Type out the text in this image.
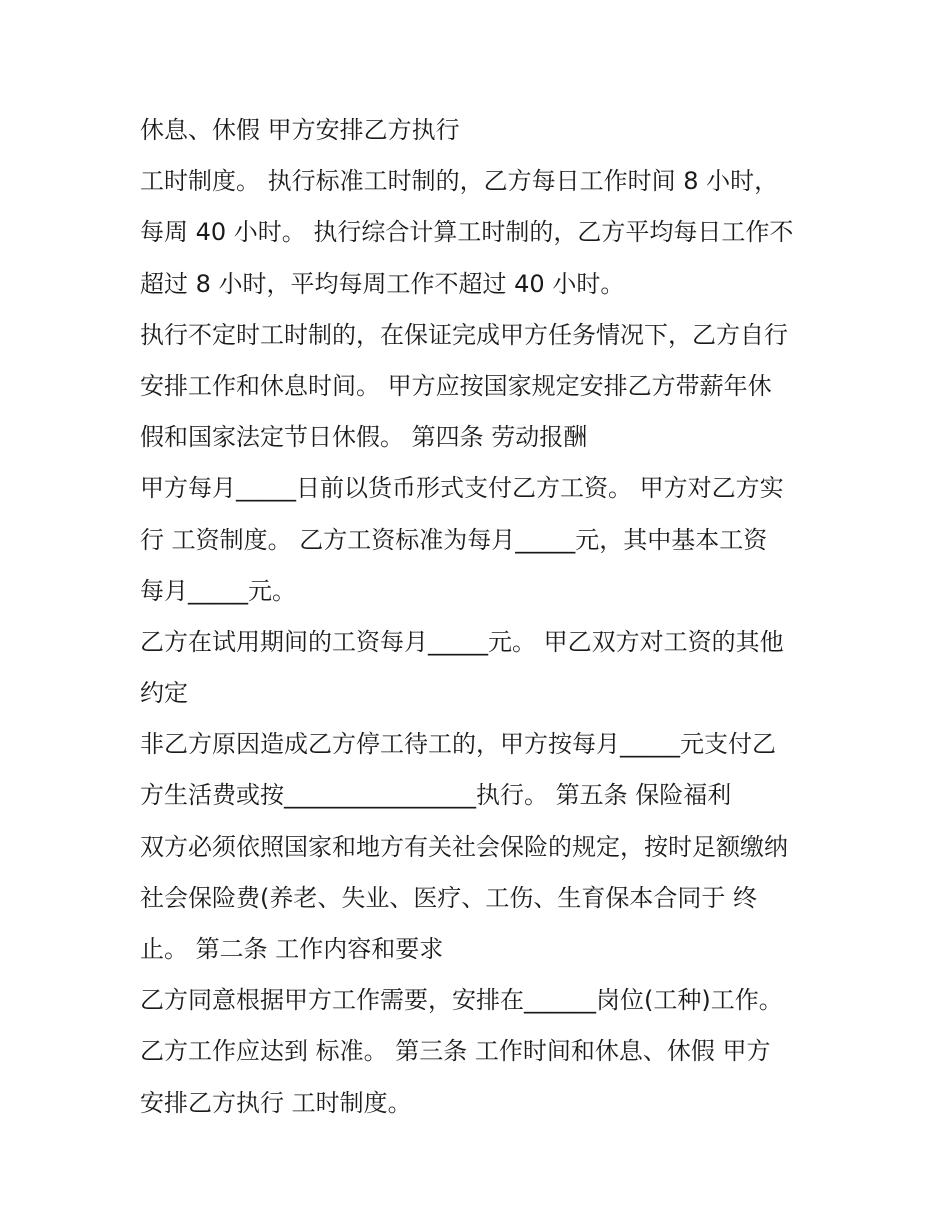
休息、休假 甲方安排乙方执行
工时制度。 执行标准工时制的，乙方每日工作时间 8 小时，
每周 40 小时。 执行综合计算工时制的，乙方平均每日工作不
超过 8 小时，平均每周工作不超过 40 小时。
执行不定时工时制的，在保证完成甲方任务情况下，乙方自行
安排工作和休息时间。 甲方应按国家规定安排乙方带薪年休
假和国家法定节日休假。 第四条 劳动报酬
甲方每月_____日前以货币形式支付乙方工资。 甲方对乙方实
行 工资制度。 乙方工资标准为每月_____元，其中基本工资
每月_____元。
乙方在试用期间的工资每月_____元。 甲乙双方对工资的其他
约定
非乙方原因造成乙方停工待工的，甲方按每月_____元支付乙
方生活费或按________________执行。 第五条 保险福利
双方必须依照国家和地方有关社会保险的规定，按时足额缴纳
社会保险费(养老、失业、医疗、工伤、生育保本合同于 终
止。 第二条 工作内容和要求
乙方同意根据甲方工作需要，安排在______岗位(工种)工作。
乙方工作应达到 标准。 第三条 工作时间和休息、休假 甲方
安排乙方执行 工时制度。
